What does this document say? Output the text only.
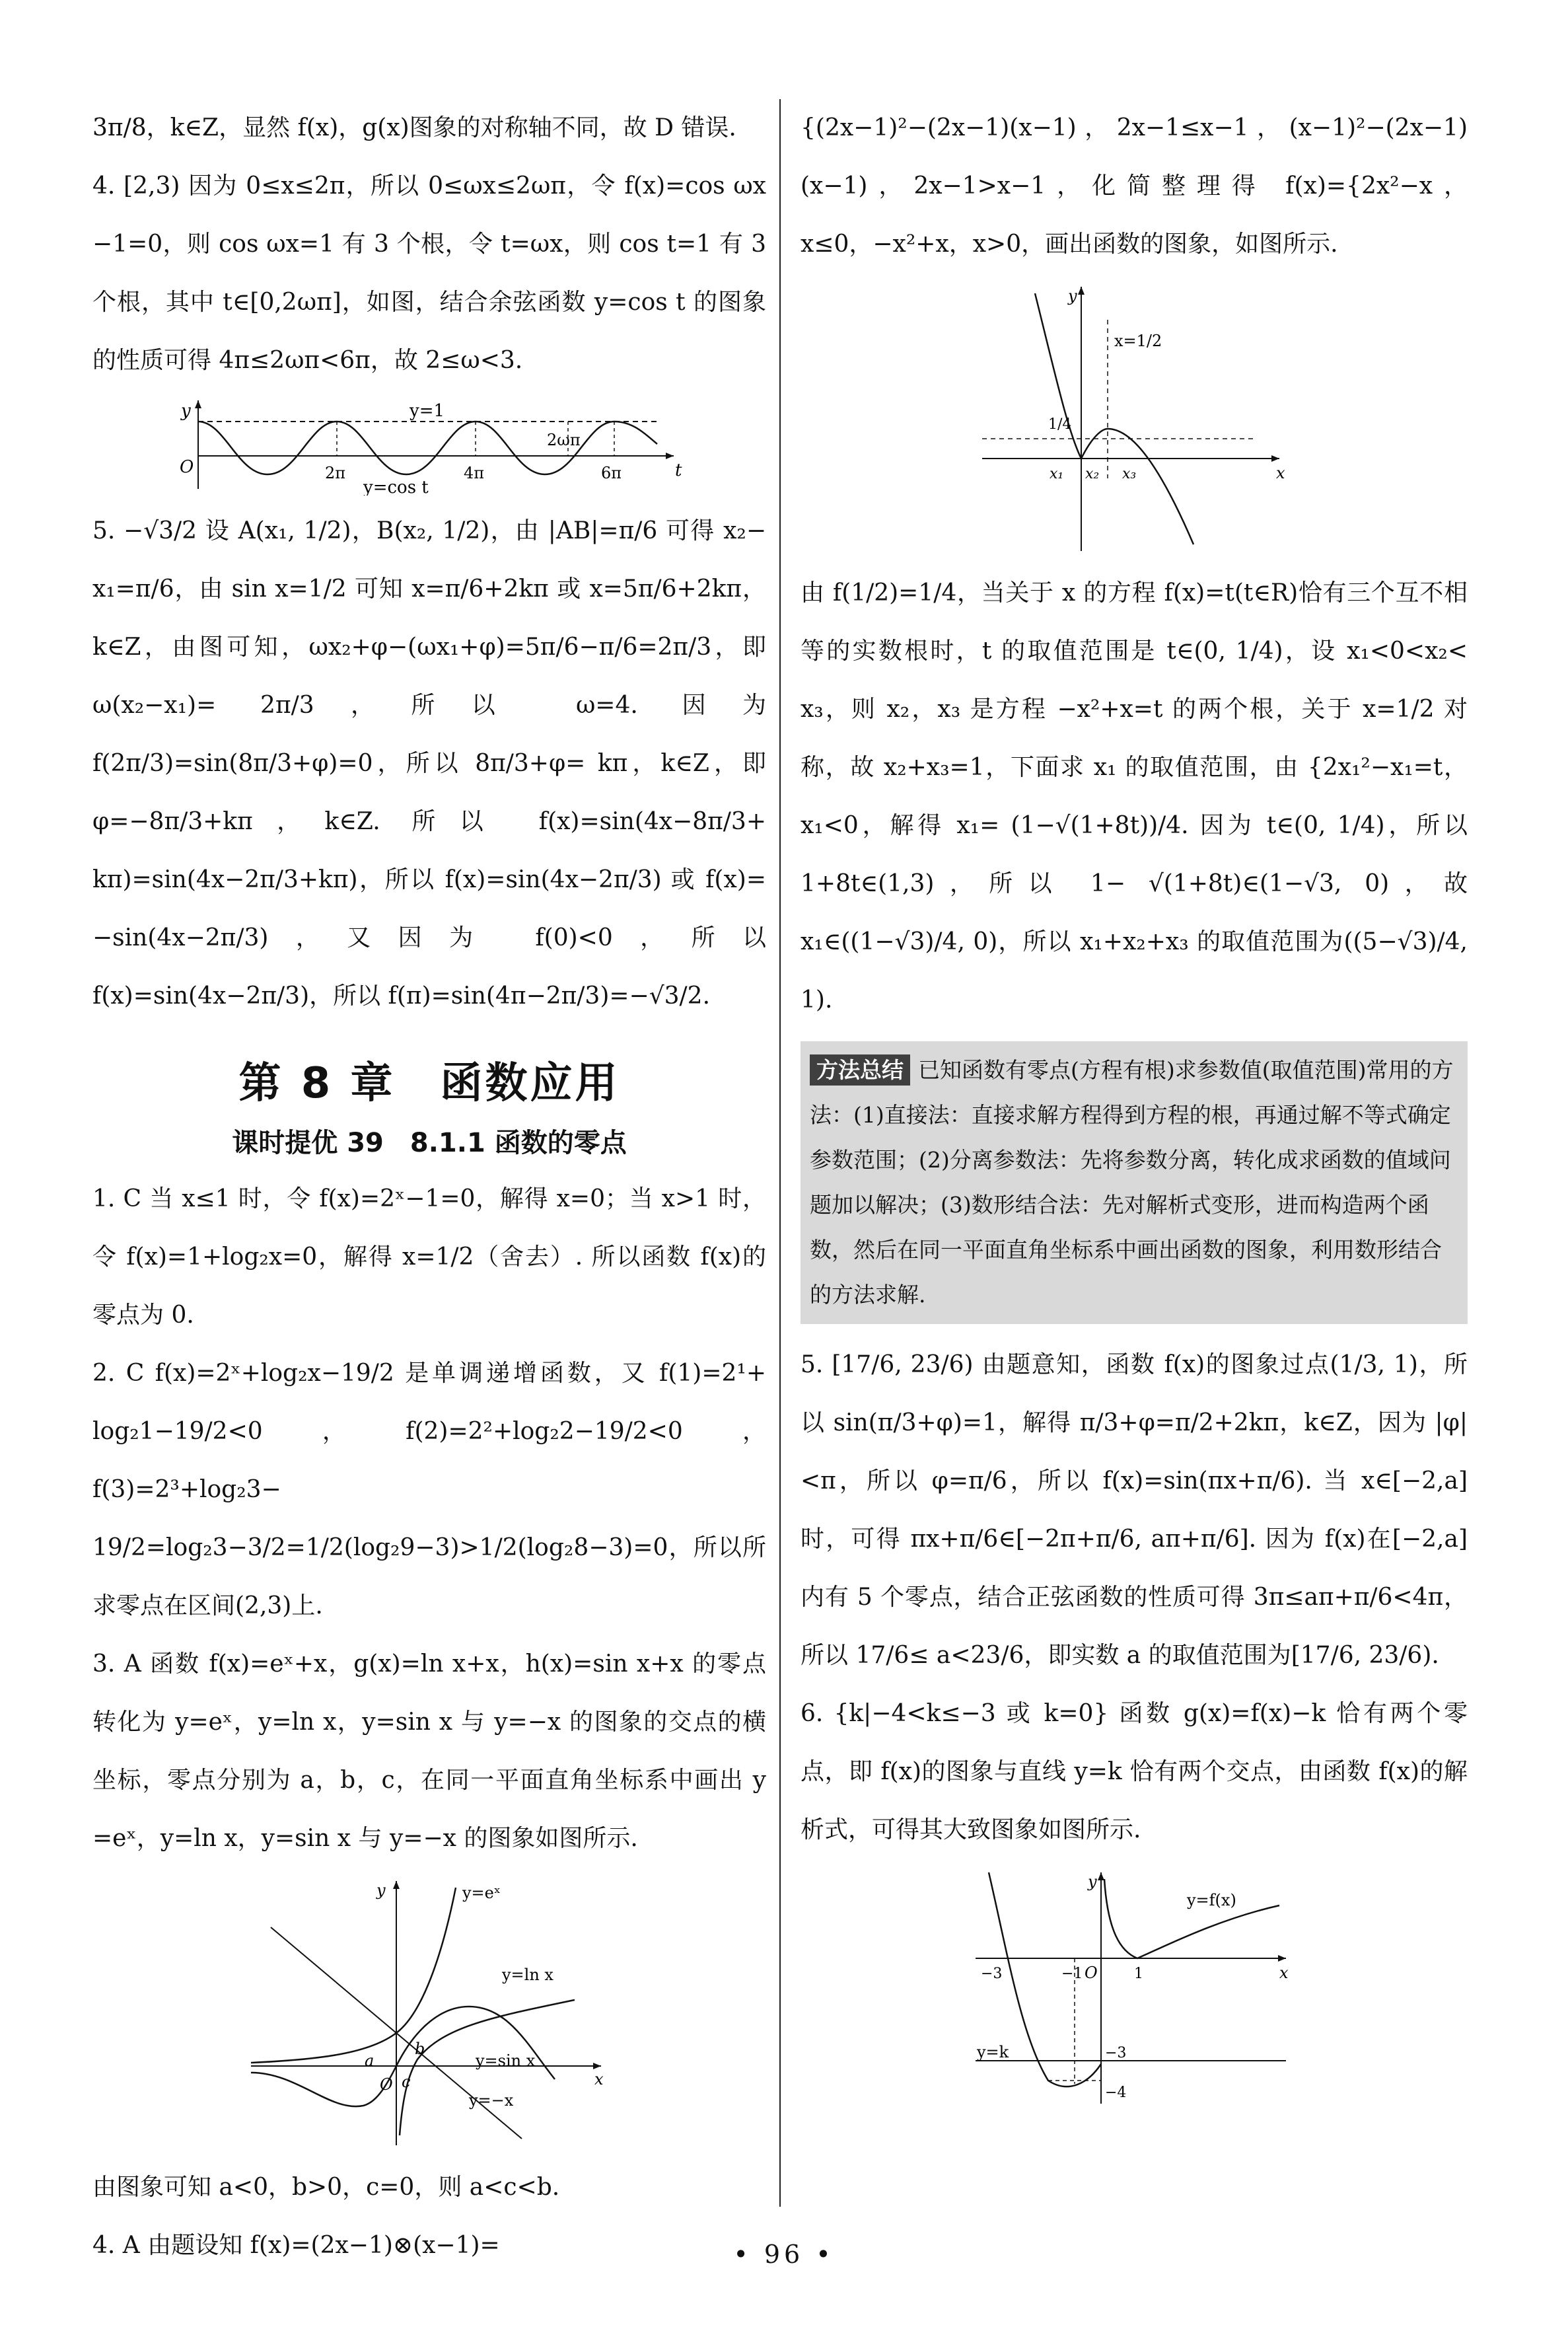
3π/8，k∈Z，显然 f(x)，g(x)图象的对称轴不同，故 D 错误.

4. [2,3) 因为 0≤x≤2π，所以 0≤ωx≤2ωπ，令 f(x)=cos ωx −1=0，则 cos ωx=1 有 3 个根，令 t=ωx，则 cos t=1 有 3 个根，其中 t∈[0,2ωπ]，如图，结合余弦函数 y=cos t 的图象的性质可得 4π≤2ωπ<6π，故 2≤ω<3.

y
t
O
y=1
y=cos t
2π	4π	6π
2ωπ

5. −√3/2 设 A(x₁, 1/2)，B(x₂, 1/2)，由 |AB|=π/6 可得 x₂− x₁=π/6，由 sin x=1/2 可知 x=π/6+2kπ 或 x=5π/6+2kπ，k∈Z，由图可知，ωx₂+φ−(ωx₁+φ)=5π/6−π/6=2π/3，即 ω(x₂−x₁)= 2π/3，所以 ω=4. 因为 f(2π/3)=sin(8π/3+φ)=0，所以 8π/3+φ= kπ，k∈Z，即 φ=−8π/3+kπ，k∈Z. 所以 f(x)=sin(4x−8π/3+ kπ)=sin(4x−2π/3+kπ)，所以 f(x)=sin(4x−2π/3) 或 f(x)= −sin(4x−2π/3)，又因为 f(0)<0，所以 f(x)=sin(4x−2π/3)，所以 f(π)=sin(4π−2π/3)=−√3/2.

第 8 章　函数应用
课时提优 39　8.1.1 函数的零点

1. C 当 x≤1 时，令 f(x)=2ˣ−1=0，解得 x=0；当 x>1 时，令 f(x)=1+log₂x=0，解得 x=1/2（舍去）. 所以函数 f(x)的零点为 0.

2. C f(x)=2ˣ+log₂x−19/2 是单调递增函数，又 f(1)=2¹+ log₂1−19/2<0，f(2)=2²+log₂2−19/2<0，f(3)=2³+log₂3− 19/2=log₂3−3/2=1/2(log₂9−3)>1/2(log₂8−3)=0，所以所求零点在区间(2,3)上.

3. A 函数 f(x)=eˣ+x，g(x)=ln x+x，h(x)=sin x+x 的零点转化为 y=eˣ，y=ln x，y=sin x 与 y=−x 的图象的交点的横坐标，零点分别为 a，b，c，在同一平面直角坐标系中画出 y =eˣ，y=ln x，y=sin x 与 y=−x 的图象如图所示.

y
x
O
y=eˣ
y=ln x
y=sin x
y=−x
a
b
c

由图象可知 a<0，b>0，c=0，则 a<c<b.

4. A 由题设知 f(x)=(2x−1)⊗(x−1)=

{(2x−1)²−(2x−1)(x−1)，2x−1≤x−1，(x−1)²−(2x−1)(x−1)，2x−1>x−1，化简整理得 f(x)={2x²−x，x≤0，−x²+x，x>0，画出函数的图象，如图所示.

y
x
x=1/2
1/4
x₁ x₂ x₃

由 f(1/2)=1/4，当关于 x 的方程 f(x)=t(t∈R)恰有三个互不相等的实数根时，t 的取值范围是 t∈(0, 1/4)，设 x₁<0<x₂< x₃，则 x₂，x₃ 是方程 −x²+x=t 的两个根，关于 x=1/2 对称，故 x₂+x₃=1，下面求 x₁ 的取值范围，由 {2x₁²−x₁=t，x₁<0，解得 x₁= (1−√(1+8t))/4. 因为 t∈(0, 1/4)，所以 1+8t∈(1,3)，所以 1− √(1+8t)∈(1−√3, 0)，故 x₁∈((1−√3)/4, 0)，所以 x₁+x₂+x₃ 的取值范围为((5−√3)/4, 1).

方法总结 已知函数有零点(方程有根)求参数值(取值范围)常用的方法：(1)直接法：直接求解方程得到方程的根，再通过解不等式确定参数范围；(2)分离参数法：先将参数分离，转化成求函数的值域问题加以解决；(3)数形结合法：先对解析式变形，进而构造两个函数，然后在同一平面直角坐标系中画出函数的图象，利用数形结合的方法求解.

5. [17/6, 23/6) 由题意知，函数 f(x)的图象过点(1/3, 1)，所以 sin(π/3+φ)=1，解得 π/3+φ=π/2+2kπ，k∈Z，因为 |φ|<π，所以 φ=π/6，所以 f(x)=sin(πx+π/6). 当 x∈[−2,a]时，可得 πx+π/6∈[−2π+π/6, aπ+π/6]. 因为 f(x)在[−2,a]内有 5 个零点，结合正弦函数的性质可得 3π≤aπ+π/6<4π，所以 17/6≤ a<23/6，即实数 a 的取值范围为[17/6, 23/6).

6. {k|−4<k≤−3 或 k=0} 函数 g(x)=f(x)−k 恰有两个零点，即 f(x)的图象与直线 y=k 恰有两个交点，由函数 f(x)的解析式，可得其大致图象如图所示.

y
x
O
y=f(x)
y=k
−3	−1	1
−3
−4
• 96 •
